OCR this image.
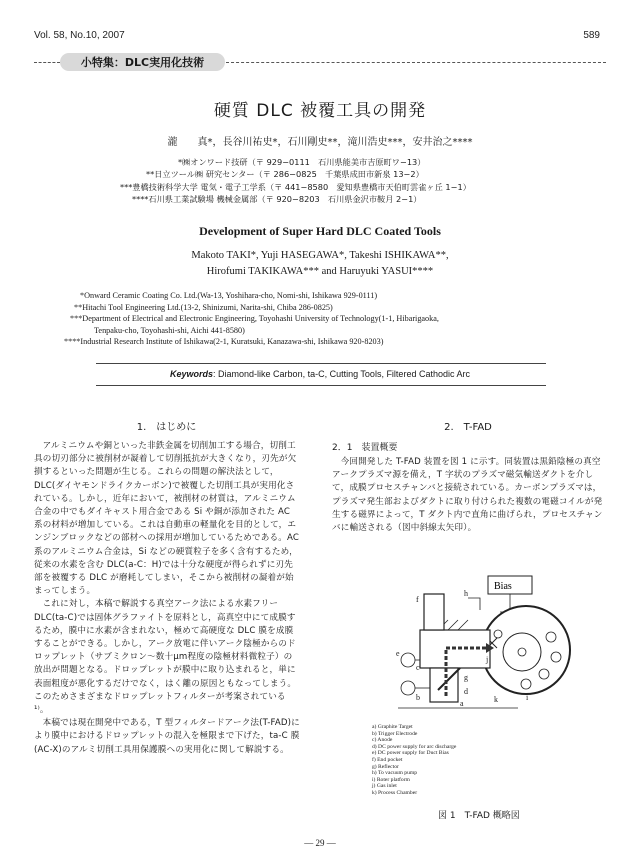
Vol. 58, No.10, 2007	589
小特集：DLC実用化技術
硬質 DLC 被覆工具の開発
瀧　　真*，長谷川祐史*，石川剛史**，滝川浩史***，安井治之****
*㈱オンワード技研（〒 929−0111　石川県能美市吉原町ワ−13）
**日立ツール㈱ 研究センター（〒 286−0825　千葉県成田市新泉 13−2）
***豊橋技術科学大学 電気・電子工学系（〒 441−8580　愛知県豊橋市天伯町雲雀ヶ丘 1−1）
****石川県工業試験場 機械金属部（〒 920−8203　石川県金沢市鞍月 2−1）
Development of Super Hard DLC Coated Tools
Makoto TAKI*, Yuji HASEGAWA*, Takeshi ISHIKAWA**,
Hirofumi TAKIKAWA*** and Haruyuki YASUI****
*Onward Ceramic Coating Co. Ltd.(Wa-13, Yoshihara-cho, Nomi-shi, Ishikawa 929-0111)
**Hitachi Tool Engineering Ltd.(13-2, Shinizumi, Narita-shi, Chiba 286-0825)
***Department of Electrical and Electronic Engineering, Toyohashi University of Technology(1-1, Hibarigaoka,
Tenpaku-cho, Toyohashi-shi, Aichi 441-8580)
****Industrial Research Institute of Ishikawa(2-1, Kuratsuki, Kanazawa-shi, Ishikawa 920-8203)
Keywords: Diamond-like Carbon, ta-C, Cutting Tools, Filtered Cathodic Arc
1.　はじめに

アルミニウムや銅といった非鉄金属を切削加工する場合，切削工具の切刃部分に被削材が凝着して切削抵抗が大きくなり，刃先が欠損するといった問題が生じる。これらの問題の解決法として，DLC(ダイヤモンドライクカーボン)で被覆した切削工具が実用化されている。しかし，近年において，被削材の材質は，アルミニウム合金の中でもダイキャスト用合金である Si や銅が添加された AC 系の材料が増加している。これは自動車の軽量化を目的として，エンジンブロックなどの部材への採用が増加しているためである。AC 系のアルミニウム合金は，Si などの硬質粒子を多く含有するため，従来の水素を含む DLC(a-C：H)では十分な硬度が得られずに刃先部を被覆する DLC が磨耗してしまい，そこから被削材の凝着が始まってしまう。

これに対し，本稿で解説する真空アーク法による水素フリーDLC(ta-C)では固体グラファイトを原料とし，高真空中にて成膜するため，膜中に水素が含まれない，極めて高硬度な DLC 膜を成膜することができる。しかし，アーク放電に伴いアーク陰極からのドロップレット（サブミクロン〜数十μm程度の陰極材料微粒子）の放出が問題となる。ドロップレットが膜中に取り込まれると，単に表面粗度が悪化するだけでなく，はく離の原因ともなってしまう。このためさまざまなドロップレットフィルターが考案されている¹⁾。

本稿では現在開発中である，T 型フィルタードアーク法(T-FAD)により膜中におけるドロップレットの混入を極限まで下げた，ta-C 膜(AC-X)のアルミ切削工具用保護膜への実用化に関して解説する。

2.　T-FAD
2．1　装置概要

今回開発した T-FAD 装置を図 1 に示す。同装置は黒鉛陰極の真空アークプラズマ源を備え，T 字状のプラズマ磁気輸送ダクトを介して，成膜プロセスチャンバと接続されている。カーボンプラズマは，プラズマ発生部およびダクトに取り付けられた複数の電磁コイルが発生する磁界によって，T ダクト内で直角に曲げられ，プロセスチャンバに輸送される（図中斜線太矢印）。

Bias
a
b
c
d
e
f
g
h
i
j
k
a) Graphite Target
b) Trigger Electrode
c) Anode
d) DC power supply for arc discharge
e) DC power supply for Duct Bias
f) End pocket
g) Reflector
h) To vacuum pump
i) Roter platform
j) Gas inlet
k) Process Chamber
図 1　T-FAD 概略図
— 29 —
